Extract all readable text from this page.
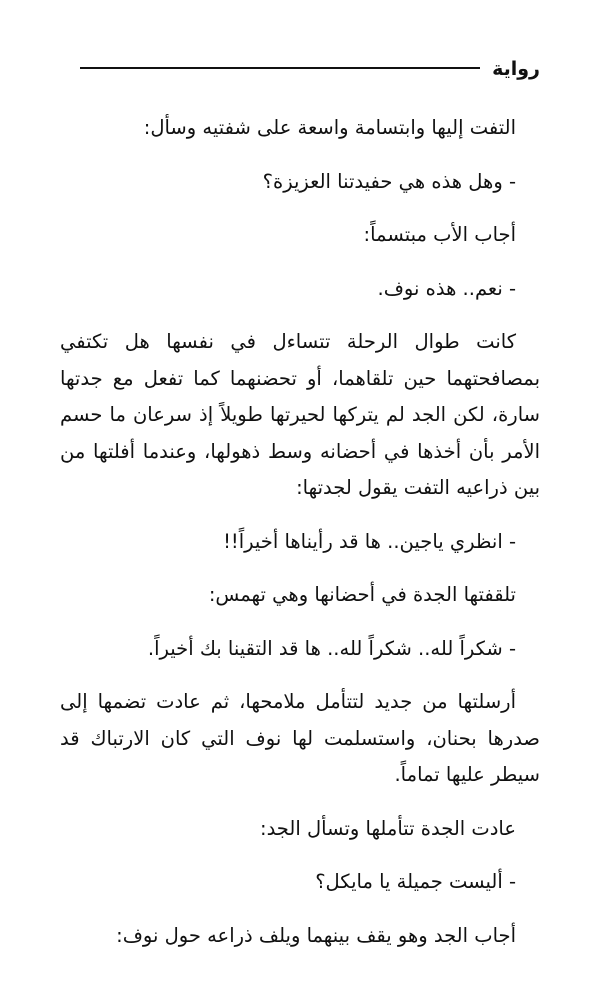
رواية

التفت إليها وابتسامة واسعة على شفتيه وسأل:

- وهل هذه هي حفيدتنا العزيزة؟

أجاب الأب مبتسماً:

- نعم.. هذه نوف.

كانت طوال الرحلة تتساءل في نفسها هل تكتفي بمصافحتهما حين تلقاهما، أو تحضنهما كما تفعل مع جدتها سارة، لكن الجد لم يتركها لحيرتها طويلاً إذ سرعان ما حسم الأمر بأن أخذها في أحضانه وسط ذهولها، وعندما أفلتها من بين ذراعيه التفت يقول لجدتها:

- انظري ياجين.. ها قد رأيناها أخيراً!!

تلقفتها الجدة في أحضانها وهي تهمس:

- شكراً لله.. شكراً لله.. ها قد التقينا بك أخيراً.

أرسلتها من جديد لتتأمل ملامحها، ثم عادت تضمها إلى صدرها بحنان، واستسلمت لها نوف التي كان الارتباك قد سيطر عليها تماماً.

عادت الجدة تتأملها وتسأل الجد:

- أليست جميلة يا مايكل؟

أجاب الجد وهو يقف بينهما ويلف ذراعه حول نوف:
